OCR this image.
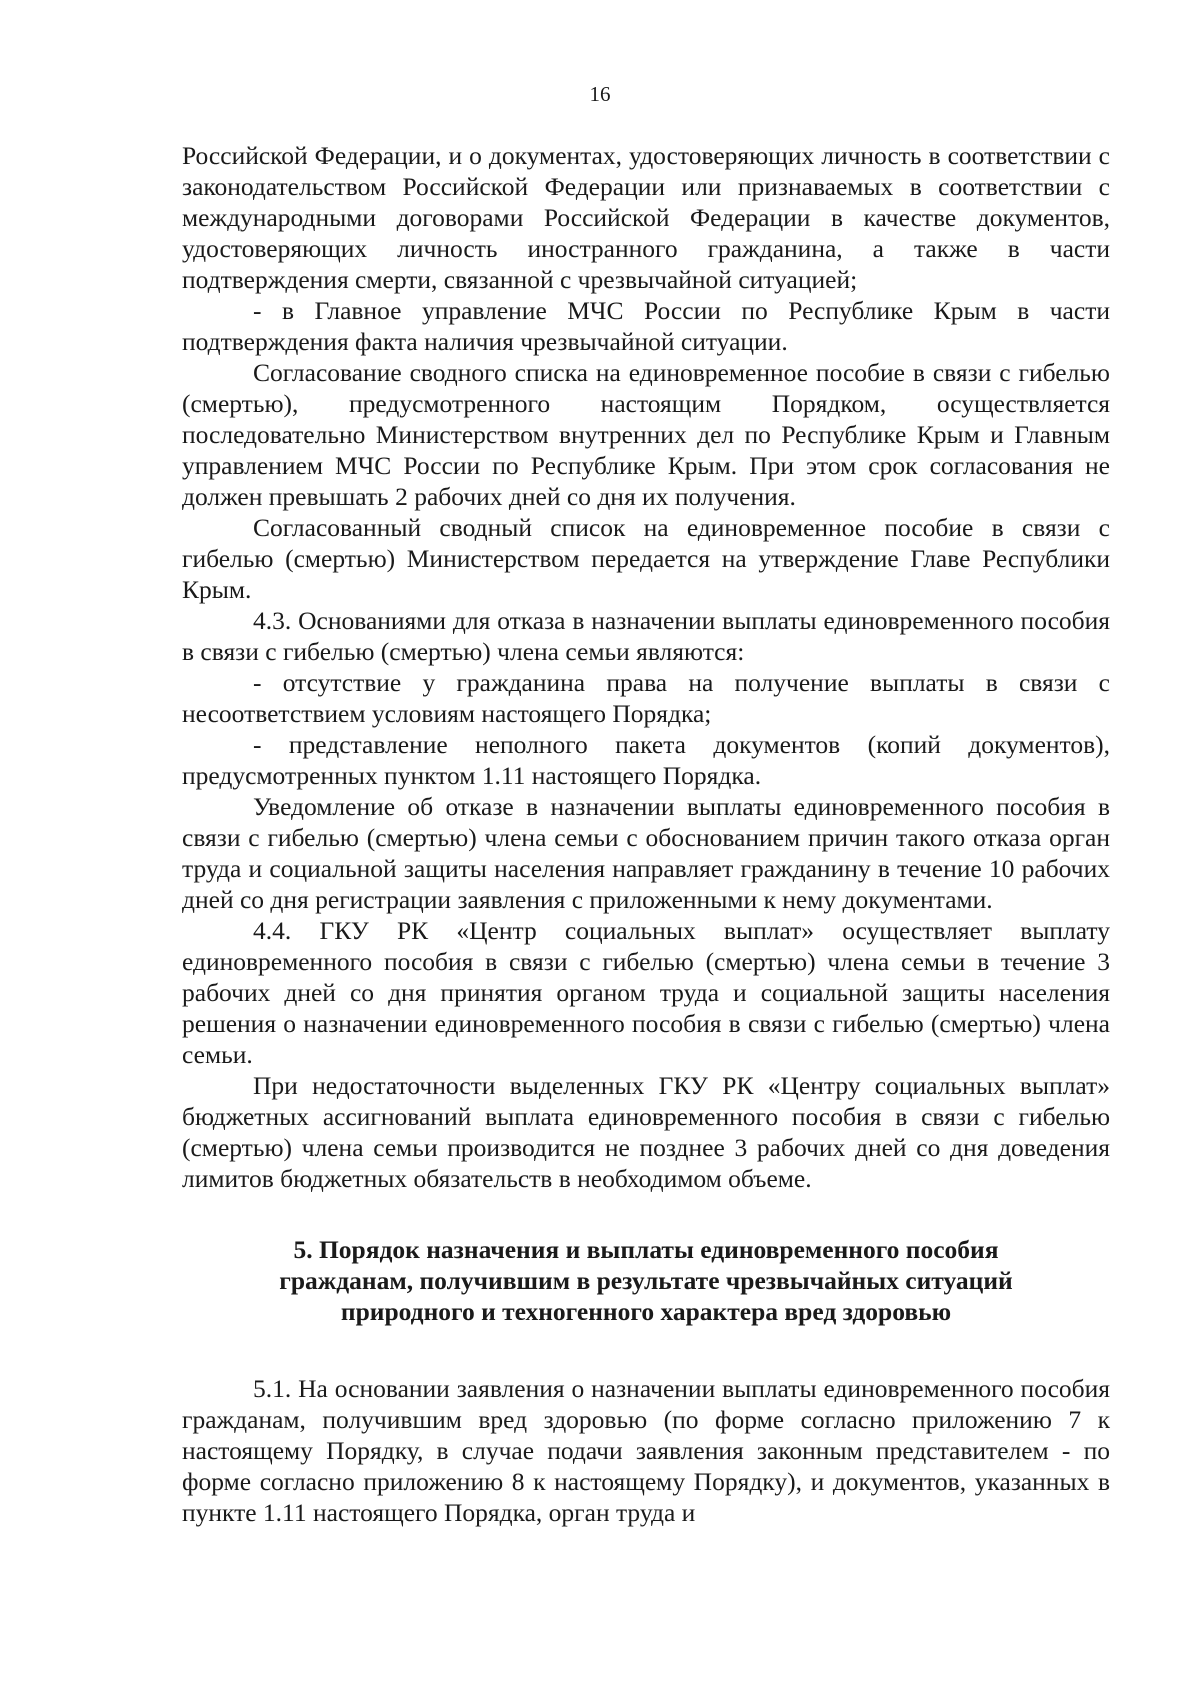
16

Российской Федерации, и о документах, удостоверяющих личность в соответствии с законодательством Российской Федерации или признаваемых в соответствии с международными договорами Российской Федерации в качестве документов, удостоверяющих личность иностранного гражданина, а также в части подтверждения смерти, связанной с чрезвычайной ситуацией;

- в Главное управление МЧС России по Республике Крым в части подтверждения факта наличия чрезвычайной ситуации.

Согласование сводного списка на единовременное пособие в связи с гибелью (смертью), предусмотренного настоящим Порядком, осуществляется последовательно Министерством внутренних дел по Республике Крым и Главным управлением МЧС России по Республике Крым. При этом срок согласования не должен превышать 2 рабочих дней со дня их получения.

Согласованный сводный список на единовременное пособие в связи с гибелью (смертью) Министерством передается на утверждение Главе Республики Крым.

4.3. Основаниями для отказа в назначении выплаты единовременного пособия в связи с гибелью (смертью) члена семьи являются:

- отсутствие у гражданина права на получение выплаты в связи с несоответствием условиям настоящего Порядка;

- представление неполного пакета документов (копий документов), предусмотренных пунктом 1.11 настоящего Порядка.

Уведомление об отказе в назначении выплаты единовременного пособия в связи с гибелью (смертью) члена семьи с обоснованием причин такого отказа орган труда и социальной защиты населения направляет гражданину в течение 10 рабочих дней со дня регистрации заявления с приложенными к нему документами.

4.4. ГКУ РК «Центр социальных выплат» осуществляет выплату единовременного пособия в связи с гибелью (смертью) члена семьи в течение 3 рабочих дней со дня принятия органом труда и социальной защиты населения решения о назначении единовременного пособия в связи с гибелью (смертью) члена семьи.

При недостаточности выделенных ГКУ РК «Центру социальных выплат» бюджетных ассигнований выплата единовременного пособия в связи с гибелью (смертью) члена семьи производится не позднее 3 рабочих дней со дня доведения лимитов бюджетных обязательств в необходимом объеме.

5. Порядок назначения и выплаты единовременного пособия
гражданам, получившим в результате чрезвычайных ситуаций
природного и техногенного характера вред здоровью

5.1. На основании заявления о назначении выплаты единовременного пособия гражданам, получившим вред здоровью (по форме согласно приложению 7 к настоящему Порядку, в случае подачи заявления законным представителем - по форме согласно приложению 8 к настоящему Порядку), и документов, указанных в пункте 1.11 настоящего Порядка, орган труда и
